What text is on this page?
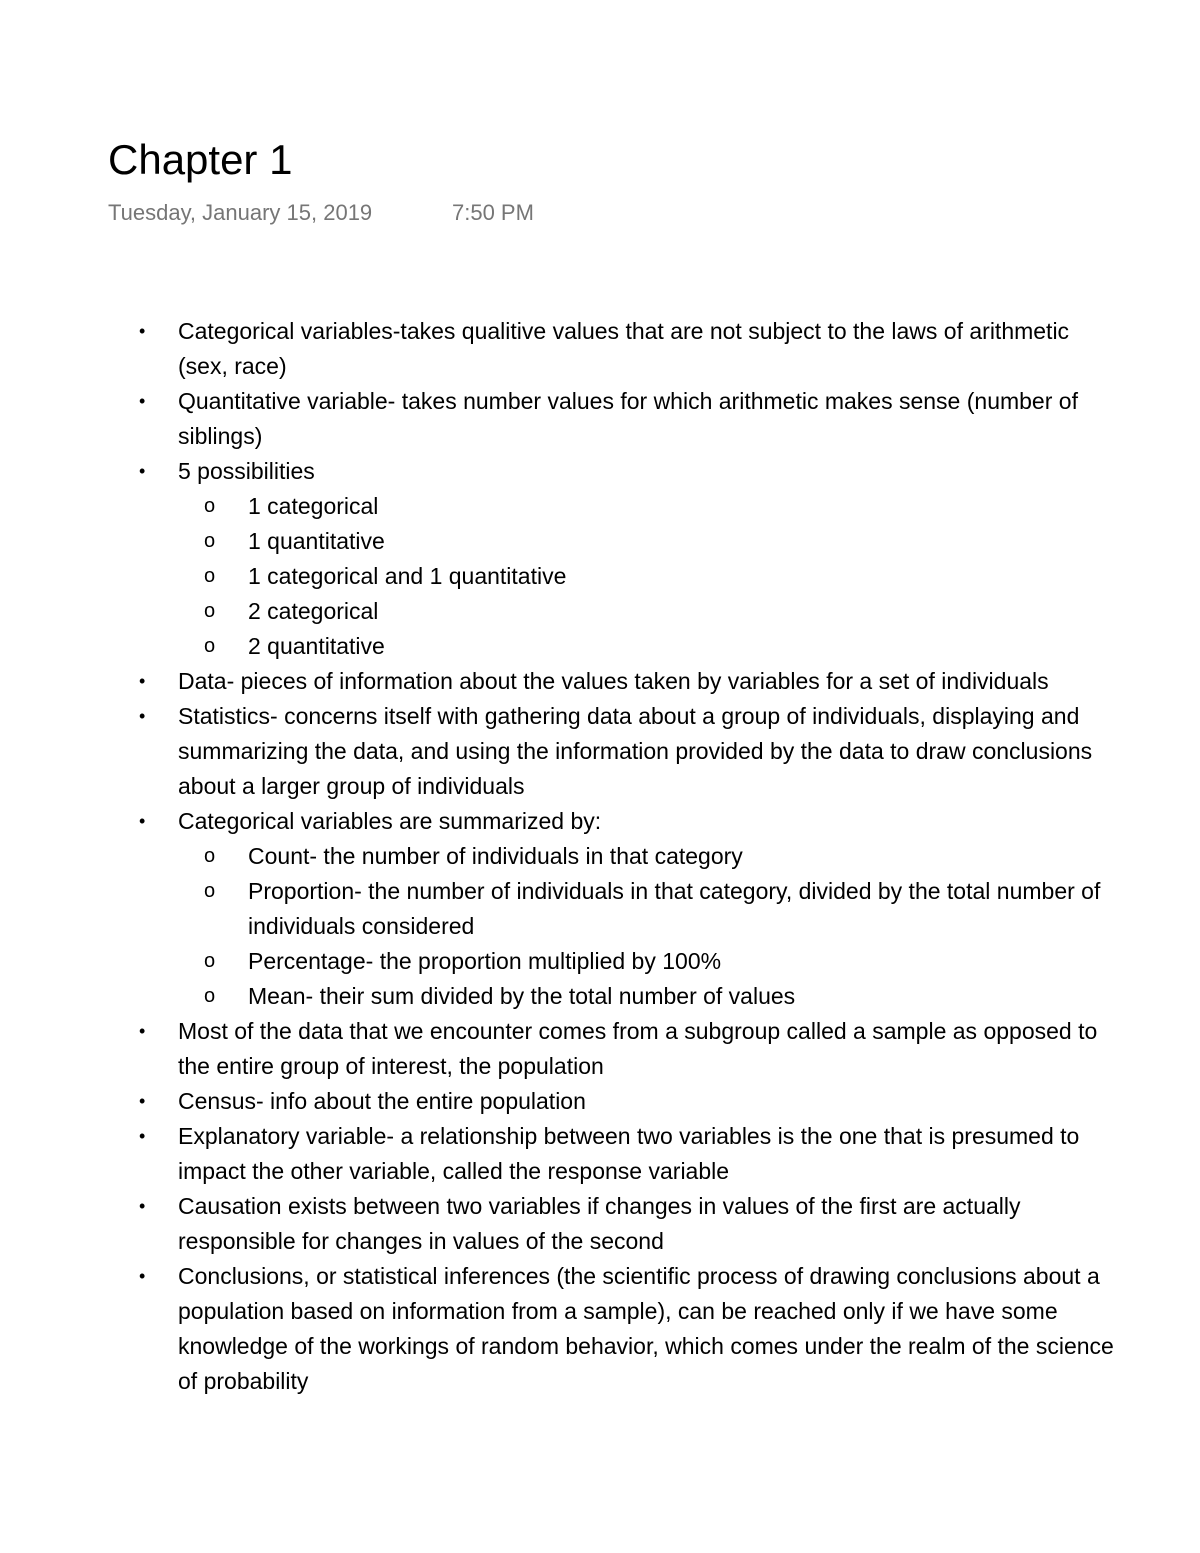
Chapter 1
Tuesday, January 15, 2019	7:50 PM
• Categorical variables-takes qualitive values that are not subject to the laws of arithmetic (sex, race)
• Quantitative variable- takes number values for which arithmetic makes sense (number of siblings)
• 5 possibilities
o 1 categorical
o 1 quantitative
o 1 categorical and 1 quantitative
o 2 categorical
o 2 quantitative
• Data- pieces of information about the values taken by variables for a set of individuals
• Statistics- concerns itself with gathering data about a group of individuals, displaying and summarizing the data, and using the information provided by the data to draw conclusions about a larger group of individuals
• Categorical variables are summarized by:
o Count- the number of individuals in that category
o Proportion- the number of individuals in that category, divided by the total number of individuals considered
o Percentage- the proportion multiplied by 100%
o Mean- their sum divided by the total number of values
• Most of the data that we encounter comes from a subgroup called a sample as opposed to the entire group of interest, the population
• Census- info about the entire population
• Explanatory variable- a relationship between two variables is the one that is presumed to impact the other variable, called the response variable
• Causation exists between two variables if changes in values of the first are actually responsible for changes in values of the second
• Conclusions, or statistical inferences (the scientific process of drawing conclusions about a population based on information from a sample), can be reached only if we have some knowledge of the workings of random behavior, which comes under the realm of the science of probability
